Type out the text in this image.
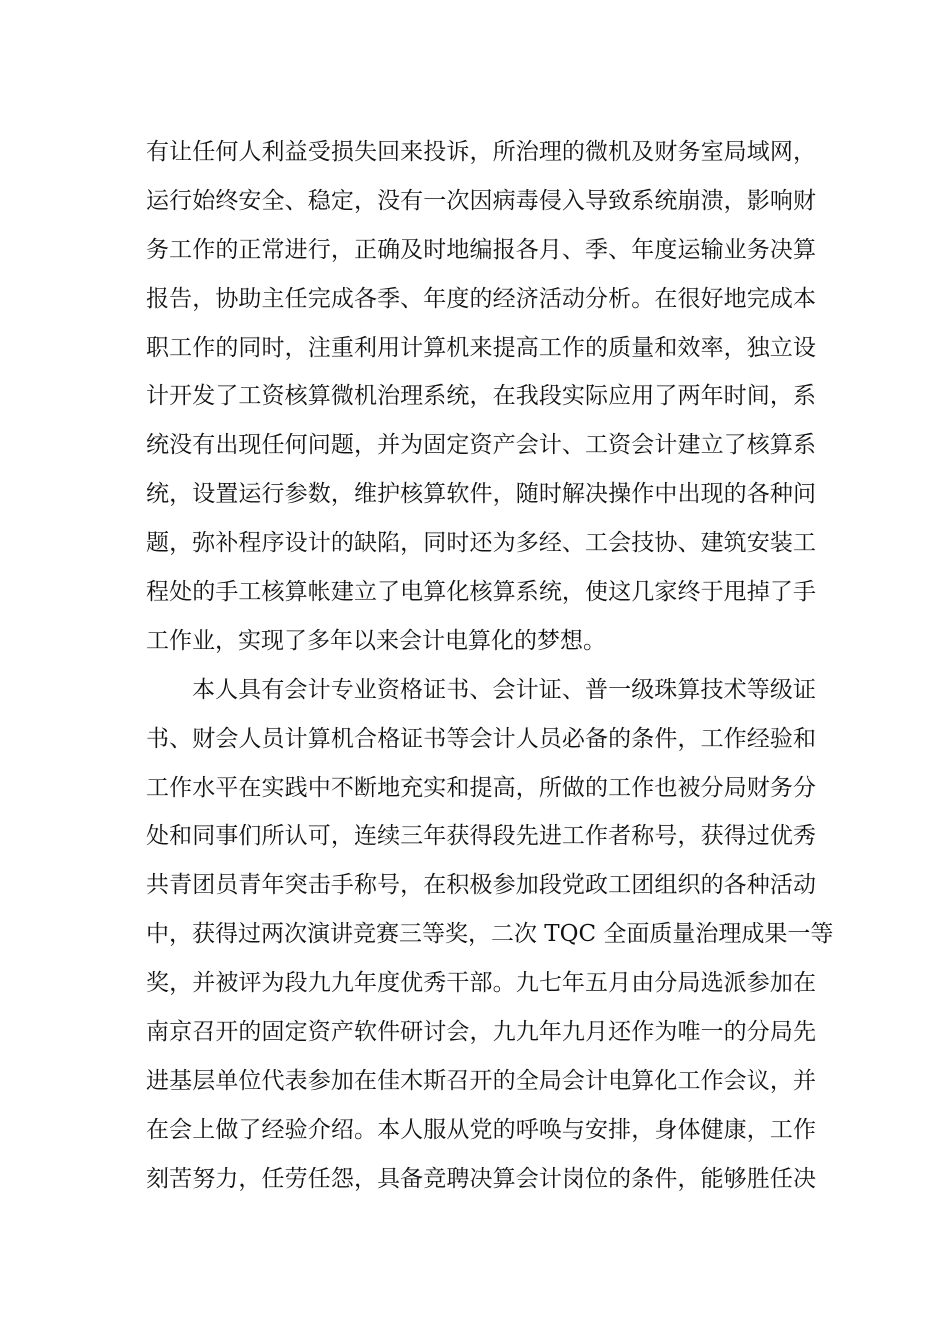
有让任何人利益受损失回来投诉，所治理的微机及财务室局域网，
运行始终安全、稳定，没有一次因病毒侵入导致系统崩溃，影响财
务工作的正常进行，正确及时地编报各月、季、年度运输业务决算
报告，协助主任完成各季、年度的经济活动分析。在很好地完成本
职工作的同时，注重利用计算机来提高工作的质量和效率，独立设
计开发了工资核算微机治理系统，在我段实际应用了两年时间，系
统没有出现任何问题，并为固定资产会计、工资会计建立了核算系
统，设置运行参数，维护核算软件，随时解决操作中出现的各种问
题，弥补程序设计的缺陷，同时还为多经、工会技协、建筑安装工
程处的手工核算帐建立了电算化核算系统，使这几家终于甩掉了手
工作业，实现了多年以来会计电算化的梦想。
本人具有会计专业资格证书、会计证、普一级珠算技术等级证
书、财会人员计算机合格证书等会计人员必备的条件，工作经验和
工作水平在实践中不断地充实和提高，所做的工作也被分局财务分
处和同事们所认可，连续三年获得段先进工作者称号，获得过优秀
共青团员青年突击手称号，在积极参加段党政工团组织的各种活动
中，获得过两次演讲竞赛三等奖，二次 TQC 全面质量治理成果一等
奖，并被评为段九九年度优秀干部。九七年五月由分局选派参加在
南京召开的固定资产软件研讨会，九九年九月还作为唯一的分局先
进基层单位代表参加在佳木斯召开的全局会计电算化工作会议，并
在会上做了经验介绍。本人服从党的呼唤与安排，身体健康，工作
刻苦努力，任劳任怨，具备竞聘决算会计岗位的条件，能够胜任决
